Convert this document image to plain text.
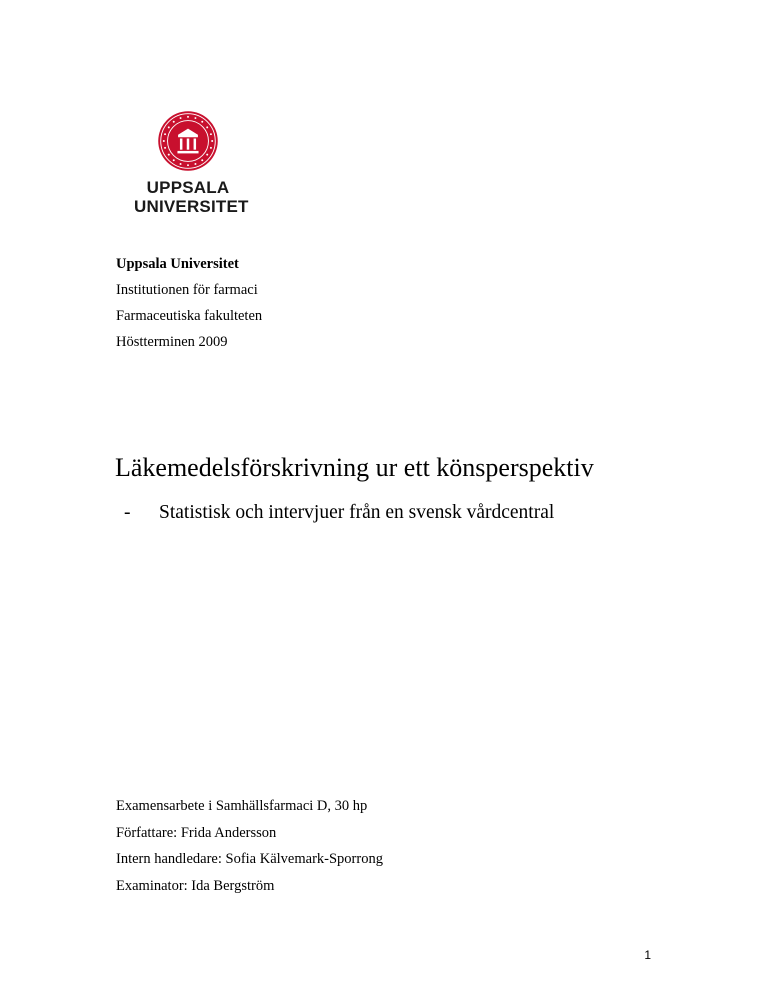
UPPSALA
UNIVERSITET
Uppsala Universitet
Institutionen för farmaci
Farmaceutiska fakulteten
Höstterminen 2009
Läkemedelsförskrivning ur ett könsperspektiv
- Statistisk och intervjuer från en svensk vårdcentral
Examensarbete i Samhällsfarmaci D, 30 hp
Författare: Frida Andersson
Intern handledare: Sofia Kälvemark-Sporrong
Examinator: Ida Bergström
1
